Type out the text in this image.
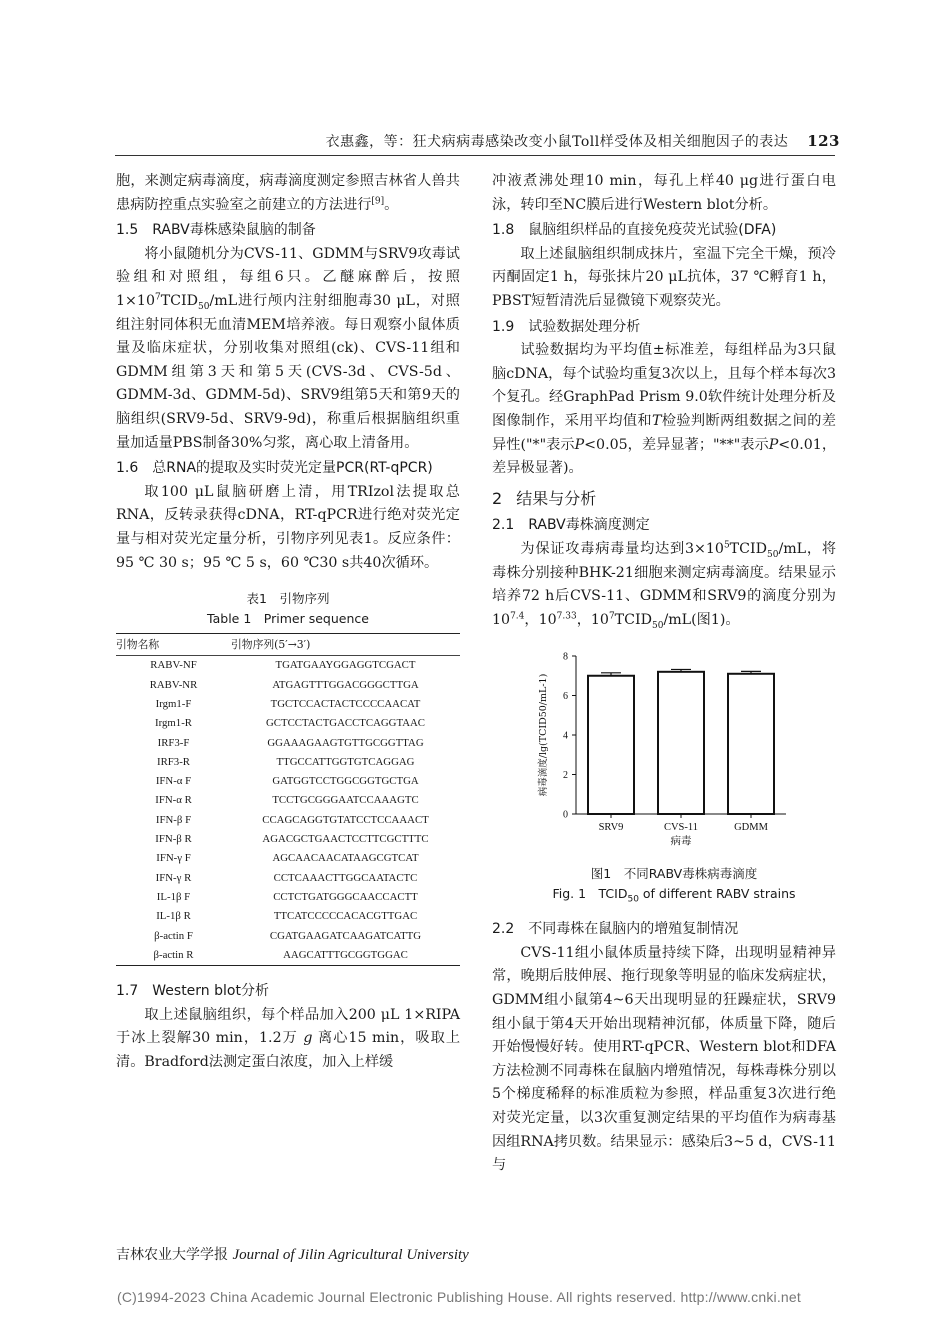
衣惠鑫，等：狂犬病病毒感染改变小鼠Toll样受体及相关细胞因子的表达 123

胞，来测定病毒滴度，病毒滴度测定参照吉林省人兽共患病防控重点实验室之前建立的方法进行[9]。

1.5 RABV毒株感染鼠脑的制备

将小鼠随机分为CVS-11、GDMM与SRV9攻毒试验组和对照组，每组6只。乙醚麻醉后，按照$1\times 10^7TCID_{50}/mL$进行颅内注射细胞毒30 μL，对照组注射同体积无血清MEM培养液。每日观察小鼠体质量及临床症状，分别收集对照组(ck)、CVS-11组和GDMM组第3天和第5天(CVS-3d、CVS-5d、GDMM-3d、GDMM-5d)、SRV9组第5天和第9天的脑组织(SRV9-5d、SRV9-9d)，称重后根据脑组织重量加适量PBS制备30%匀浆，离心取上清备用。

1.6 总RNA的提取及实时荧光定量PCR(RT-qPCR)

取100 μL鼠脑研磨上清，用TRIzol法提取总RNA，反转录获得cDNA，RT-qPCR进行绝对荧光定量与相对荧光定量分析，引物序列见表1。反应条件：95 ℃ 30 s；95 ℃ 5 s，60 ℃30 s共40次循环。

表1　引物序列
Table 1　Primer sequence
引物名称	引物序列(5′→3′)
RABV-NF	TGATGAAYGGAGGTCGACT
RABV-NR	ATGAGTTTGGACGGGCTTGA
Irgm1-F	TGCTCCACTACTCCCCAACAT
Irgm1-R	GCTCCTACTGACCTCAGGTAAC
IRF3-F	GGAAAGAAGTGTTGCGGTTAG
IRF3-R	TTGCCATTGGTGTCAGGAG
IFN-α F	GATGGTCCTGGCGGTGCTGA
IFN-α R	TCCTGCGGGAATCCAAAGTC
IFN-β F	CCAGCAGGTGTATCCTCCAAACT
IFN-β R	AGACGCTGAACTCCTTCGCTTTC
IFN-γ F	AGCAACAACATAAGCGTCAT
IFN-γ R	CCTCAAACTTGGCAATACTC
IL-1β F	CCTCTGATGGGCAACCACTT
IL-1β R	TTCATCCCCCACACGTTGAC
β-actin F	CGATGAAGATCAAGATCATTG
β-actin R	AAGCATTTGCGGTGGAC
1.7 Western blot分析

取上述鼠脑组织，每个样品加入200 μL 1×RIPA于冰上裂解30 min，1.2万 g 离心15 min，吸取上清。Bradford法测定蛋白浓度，加入上样缓

冲液煮沸处理10 min，每孔上样40 μg进行蛋白电泳，转印至NC膜后进行Western blot分析。

1.8 鼠脑组织样品的直接免疫荧光试验(DFA)

取上述鼠脑组织制成抹片，室温下完全干燥，预冷丙酮固定1 h，每张抹片20 μL抗体，37 ℃孵育1 h，PBST短暂清洗后显微镜下观察荧光。

1.9 试验数据处理分析

试验数据均为平均值±标准差，每组样品为3只鼠脑cDNA，每个试验均重复3次以上，且每个样本每次3个复孔。经GraphPad Prism 9.0软件统计处理分析及图像制作，采用平均值和T检验判断两组数据之间的差异性("*"表示P<0.05，差异显著；"**"表示P<0.01，差异极显著)。

2 结果与分析
2.1 RABV毒株滴度测定

为保证攻毒病毒量均达到$3\times 10^5TCID_{50}/mL$，将毒株分别接种BHK-21细胞来测定病毒滴度。结果显示培养72 h后CVS-11、GDMM和SRV9的滴度分别为$10^{7.4}$，$10^{7.33}$，$10^7TCID_{50}/mL$(图1)。

0
2
4
6
8
SRV9	CVS-11	GDMM
病毒
病毒滴度/lg(TCID50/mL-1)
图1　不同RABV毒株病毒滴度
Fig. 1　$TCID_{50}$ of different RABV strains
2.2 不同毒株在鼠脑内的增殖复制情况

CVS-11组小鼠体质量持续下降，出现明显精神异常，晚期后肢伸展、拖行现象等明显的临床发病症状，GDMM组小鼠第4~6天出现明显的狂躁症状，SRV9组小鼠于第4天开始出现精神沉郁，体质量下降，随后开始慢慢好转。使用RT-qPCR、Western blot和DFA方法检测不同毒株在鼠脑内增殖情况，每株毒株分别以5个梯度稀释的标准质粒为参照，样品重复3次进行绝对荧光定量，以3次重复测定结果的平均值作为病毒基因组RNA拷贝数。结果显示：感染后3~5 d，CVS-11与

吉林农业大学学报 Journal of Jilin Agricultural University
(C)1994-2023 China Academic Journal Electronic Publishing House. All rights reserved. http://www.cnki.net
